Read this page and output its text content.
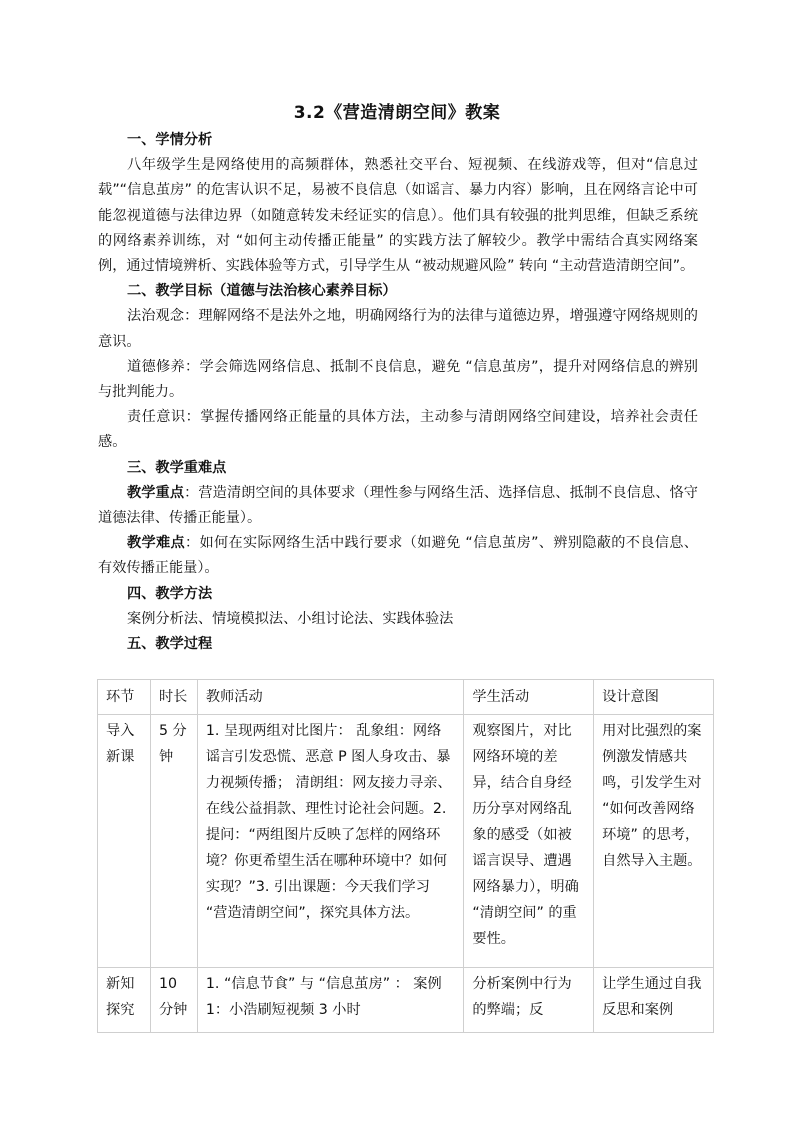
3.2《营造清朗空间》教案
一、学情分析
八年级学生是网络使用的高频群体，熟悉社交平台、短视频、在线游戏等，但对“信息过载”“信息茧房” 的危害认识不足，易被不良信息（如谣言、暴力内容）影响，且在网络言论中可能忽视道德与法律边界（如随意转发未经证实的信息）。他们具有较强的批判思维，但缺乏系统的网络素养训练，对 “如何主动传播正能量” 的实践方法了解较少。教学中需结合真实网络案例，通过情境辨析、实践体验等方式，引导学生从 “被动规避风险” 转向 “主动营造清朗空间”。
二、教学目标（道德与法治核心素养目标）
法治观念：理解网络不是法外之地，明确网络行为的法律与道德边界，增强遵守网络规则的意识。
道德修养：学会筛选网络信息、抵制不良信息，避免 “信息茧房”，提升对网络信息的辨别与批判能力。
责任意识：掌握传播网络正能量的具体方法，主动参与清朗网络空间建设，培养社会责任感。
三、教学重难点
教学重点：营造清朗空间的具体要求（理性参与网络生活、选择信息、抵制不良信息、恪守道德法律、传播正能量）。
教学难点：如何在实际网络生活中践行要求（如避免 “信息茧房”、辨别隐蔽的不良信息、有效传播正能量）。
四、教学方法
案例分析法、情境模拟法、小组讨论法、实践体验法
五、教学过程
环节	时长	教师活动	学生活动	设计意图
导入新课	5 分钟	1. 呈现两组对比图片： 乱象组：网络谣言引发恐慌、恶意 P 图人身攻击、暴力视频传播； 清朗组：网友接力寻亲、在线公益捐款、理性讨论社会问题。2. 提问：“两组图片反映了怎样的网络环境？你更希望生活在哪种环境中？如何实现？”3. 引出课题：今天我们学习 “营造清朗空间”，探究具体方法。	观察图片，对比网络环境的差异，结合自身经历分享对网络乱象的感受（如被谣言误导、遭遇网络暴力），明确 “清朗空间” 的重要性。	用对比强烈的案例激发情感共鸣，引发学生对 “如何改善网络环境” 的思考，自然导入主题。
新知探究	10 分钟	1. “信息节食” 与 “信息茧房” ： 案例 1：小浩刷短视频 3 小时	分析案例中行为的弊端；反	让学生通过自我反思和案例
